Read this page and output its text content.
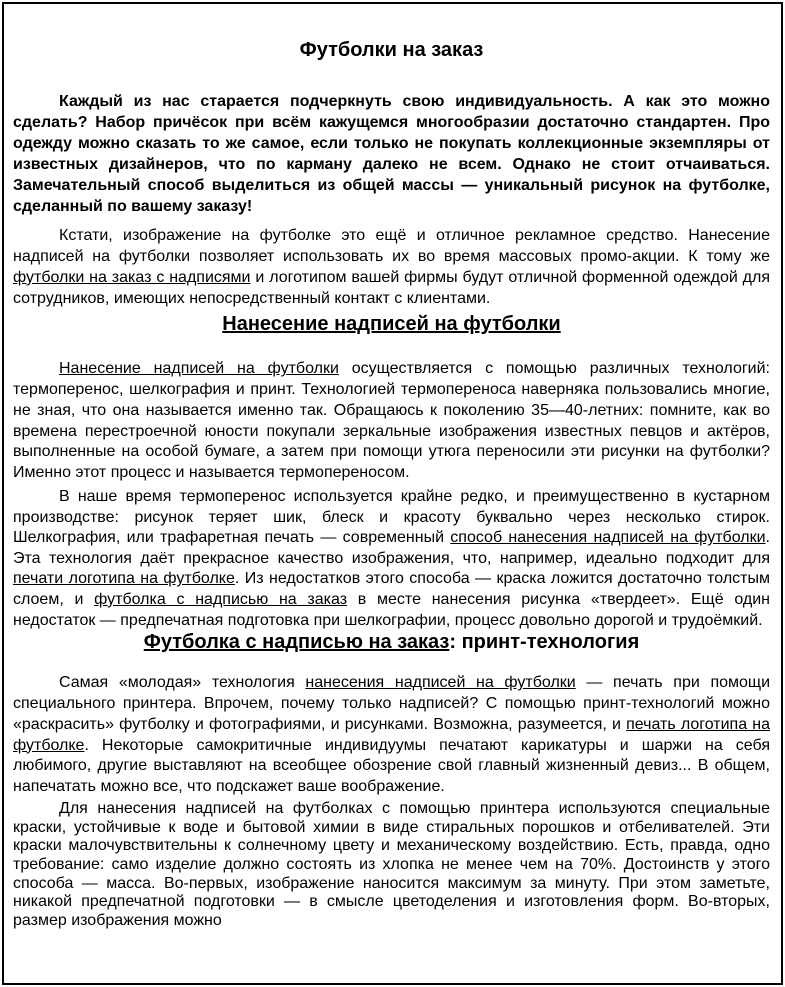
Футболки на заказ

Каждый из нас старается подчеркнуть свою индивидуальность. А как это можно сделать? Набор причёсок при всём кажущемся многообразии достаточно стандартен. Про одежду можно сказать то же самое, если только не покупать коллекционные экземпляры от известных дизайнеров, что по карману далеко не всем. Однако не стоит отчаиваться. Замечательный способ выделиться из общей массы — уникальный рисунок на футболке, сделанный по вашему заказу!

Кстати, изображение на футболке это ещё и отличное рекламное средство. Нанесение надписей на футболки позволяет использовать их во время массовых промо-акции. К тому же футболки на заказ с надписями и логотипом вашей фирмы будут отличной форменной одеждой для сотрудников, имеющих непосредственный контакт с клиентами.

Нанесение надписей на футболки

Нанесение надписей на футболки осуществляется с помощью различных технологий: термоперенос, шелкография и принт. Технологией термопереноса наверняка пользовались многие, не зная, что она называется именно так. Обращаюсь к поколению 35—40-летних: помните, как во времена перестроечной юности покупали зеркальные изображения известных певцов и актёров, выполненные на особой бумаге, а затем при помощи утюга переносили эти рисунки на футболки? Именно этот процесс и называется термопереносом.

В наше время термоперенос используется крайне редко, и преимущественно в кустарном производстве: рисунок теряет шик, блеск и красоту буквально через несколько стирок. Шелкография, или трафаретная печать — современный способ нанесения надписей на футболки. Эта технология даёт прекрасное качество изображения, что, например, идеально подходит для печати логотипа на футболке. Из недостатков этого способа — краска ложится достаточно толстым слоем, и футболка с надписью на заказ в месте нанесения рисунка «твердеет». Ещё один недостаток — предпечатная подготовка при шелкографии, процесс довольно дорогой и трудоёмкий.

Футболка с надписью на заказ: принт-технология

Самая «молодая» технология нанесения надписей на футболки — печать при помощи специального принтера. Впрочем, почему только надписей? С помощью принт-технологий можно «раскрасить» футболку и фотографиями, и рисунками. Возможна, разумеется, и печать логотипа на футболке. Некоторые самокритичные индивидуумы печатают карикатуры и шаржи на себя любимого, другие выставляют на всеобщее обозрение свой главный жизненный девиз... В общем, напечатать можно все, что подскажет ваше воображение.

Для нанесения надписей на футболках с помощью принтера используются специальные краски, устойчивые к воде и бытовой химии в виде стиральных порошков и отбеливателей. Эти краски малочувствительны к солнечному цвету и механическому воздействию. Есть, правда, одно требование: само изделие должно состоять из хлопка не менее чем на 70%. Достоинств у этого способа — масса. Во-первых, изображение наносится максимум за минуту. При этом заметьте, никакой предпечатной подготовки — в смысле цветоделения и изготовления форм. Во-вторых, размер изображения можно
